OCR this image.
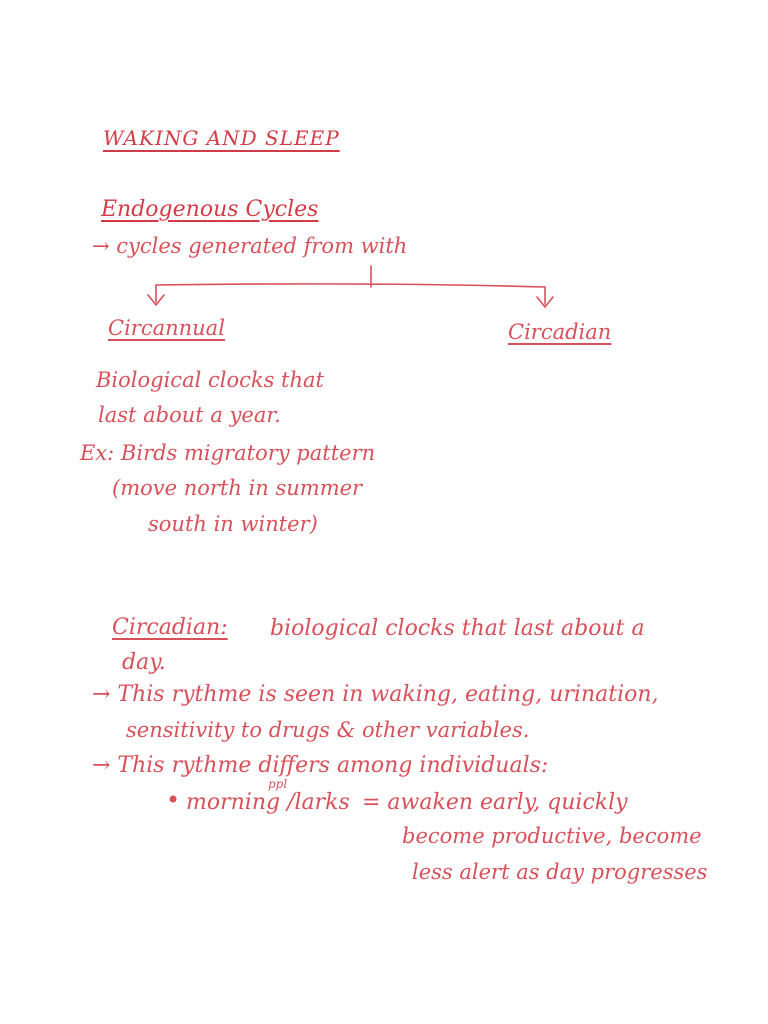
WAKING AND SLEEP
Endogenous Cycles
→ cycles generated from with
Circannual	Circadian
Biological clocks that
last about a year.
Ex: Birds migratory pattern
(move north in summer
south in winter)
Circadian: biological clocks that last about a
day.
→ This rythme is seen in waking, eating, urination,
sensitivity to drugs & other variables.
→ This rythme differs among individuals:
• morning /larks
ppl
= awaken early, quickly
become productive, become
less alert as day progresses
